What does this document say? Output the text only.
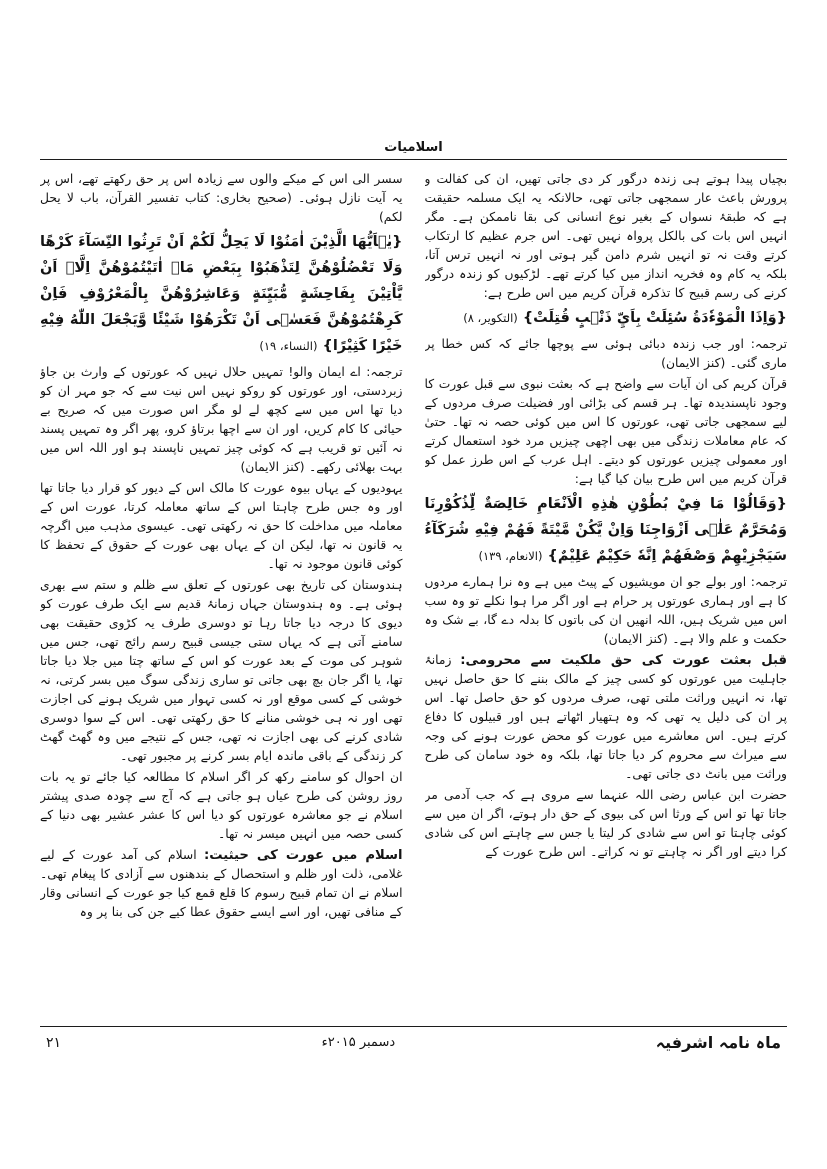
اسلامیات

بچیاں پیدا ہوتے ہی زندہ درگور کر دی جاتی تھیں، ان کی کفالت و پرورش باعث عار سمجھی جاتی تھی، حالانکہ یہ ایک مسلمہ حقیقت ہے کہ طبقۂ نسواں کے بغیر نوع انسانی کی بقا ناممکن ہے۔ مگر انہیں اس بات کی بالکل پرواہ نہیں تھی۔ اس جرم عظیم کا ارتکاب کرتے وقت نہ تو انہیں شرم دامن گیر ہوتی اور نہ انہیں ترس آتا، بلکہ یہ کام وہ فخریہ انداز میں کیا کرتے تھے۔ لڑکیوں کو زندہ درگور کرنے کی رسم قبیح کا تذکرہ قرآن کریم میں اس طرح ہے:

{وَاِذَا الْمَوْءٗدَةُ سُئِلَتْ بِاَيِّ ذَنْۢبٍ قُتِلَتْ} (التکویر، ۸)

ترجمہ: اور جب زندہ دبائی ہوئی سے پوچھا جائے کہ کس خطا پر ماری گئی۔ (کنز الایمان)

قرآن کریم کی ان آیات سے واضح ہے کہ بعثت نبوی سے قبل عورت کا وجود ناپسندیدہ تھا۔ ہر قسم کی بڑائی اور فضیلت صرف مردوں کے لیے سمجھی جاتی تھی، عورتوں کا اس میں کوئی حصہ نہ تھا۔ حتیٰ کہ عام معاملات زندگی میں بھی اچھی چیزیں مرد خود استعمال کرتے اور معمولی چیزیں عورتوں کو دیتے۔ اہل عرب کے اس طرز عمل کو قرآن کریم میں اس طرح بیان کیا گیا ہے:

{وَقَالُوْا مَا فِيْ بُطُوْنِ هٰذِهِ الْاَنْعَامِ خَالِصَةٌ لِّذُكُوْرِنَا وَمُحَرَّمٌ عَلٰۤى اَزْوَاجِنَا وَاِنْ يَّكُنْ مَّيْتَةً فَهُمْ فِيْهِ شُرَكَآءُ سَيَجْزِيْهِمْ وَصْفَهُمْ اِنَّهٗ حَكِيْمٌ عَلِيْمٌ} (الانعام، ۱۳۹)

ترجمہ: اور بولے جو ان مویشیوں کے پیٹ میں ہے وہ نرا ہمارے مردوں کا ہے اور ہماری عورتوں پر حرام ہے اور اگر مرا ہوا نکلے تو وہ سب اس میں شریک ہیں، اللہ انھیں ان کی باتوں کا بدلہ دے گا، بے شک وہ حکمت و علم والا ہے۔ (کنز الایمان)

قبل بعثت عورت کی حق ملکیت سے محرومی: زمانۂ جاہلیت میں عورتوں کو کسی چیز کے مالک بننے کا حق حاصل نہیں تھا، نہ انہیں وراثت ملتی تھی، صرف مردوں کو حق حاصل تھا۔ اس پر ان کی دلیل یہ تھی کہ وہ ہتھیار اٹھاتے ہیں اور قبیلوں کا دفاع کرتے ہیں۔ اس معاشرے میں عورت کو محض عورت ہونے کی وجہ سے میراث سے محروم کر دیا جاتا تھا، بلکہ وہ خود سامان کی طرح وراثت میں بانٹ دی جاتی تھی۔

حضرت ابن عباس رضی اللہ عنہما سے مروی ہے کہ جب آدمی مر جاتا تھا تو اس کے ورثا اس کی بیوی کے حق دار ہوتے، اگر ان میں سے کوئی چاہتا تو اس سے شادی کر لیتا یا جس سے چاہتے اس کی شادی کرا دیتے اور اگر نہ چاہتے تو نہ کراتے۔ اس طرح عورت کے

سسر الی اس کے میکے والوں سے زیادہ اس پر حق رکھتے تھے، اس پر یہ آیت نازل ہوئی۔ (صحیح بخاری: کتاب تفسیر القرآن، باب لا یحل لکم)

{يٰۤاَيُّهَا الَّذِيْنَ اٰمَنُوْا لَا يَحِلُّ لَكُمْ اَنْ تَرِثُوا النِّسَآءَ كَرْهًا وَلَا تَعْضُلُوْهُنَّ لِتَذْهَبُوْا بِبَعْضِ مَاۤ اٰتَيْتُمُوْهُنَّ اِلَّاۤ اَنْ يَّاْتِيْنَ بِفَاحِشَةٍ مُّبَيِّنَةٍ وَعَاشِرُوْهُنَّ بِالْمَعْرُوْفِ فَاِنْ كَرِهْتُمُوْهُنَّ فَعَسٰۤى اَنْ تَكْرَهُوْا شَيْئًا وَّيَجْعَلَ اللّٰهُ فِيْهِ خَيْرًا كَثِيْرًا} (النساء، ۱۹)

ترجمہ: اے ایمان والو! تمہیں حلال نہیں کہ عورتوں کے وارث بن جاؤ زبردستی، اور عورتوں کو روکو نہیں اس نیت سے کہ جو مہر ان کو دیا تھا اس میں سے کچھ لے لو مگر اس صورت میں کہ صریح بے حیائی کا کام کریں، اور ان سے اچھا برتاؤ کرو، پھر اگر وہ تمہیں پسند نہ آئیں تو قریب ہے کہ کوئی چیز تمہیں ناپسند ہو اور اللہ اس میں بہت بھلائی رکھے۔ (کنز الایمان)

یہودیوں کے یہاں بیوہ عورت کا مالک اس کے دیور کو قرار دیا جاتا تھا اور وہ جس طرح چاہتا اس کے ساتھ معاملہ کرتا، عورت اس کے معاملہ میں مداخلت کا حق نہ رکھتی تھی۔ عیسوی مذہب میں اگرچہ یہ قانون نہ تھا، لیکن ان کے یہاں بھی عورت کے حقوق کے تحفظ کا کوئی قانون موجود نہ تھا۔

ہندوستان کی تاریخ بھی عورتوں کے تعلق سے ظلم و ستم سے بھری ہوئی ہے۔ وہ ہندوستان جہاں زمانۂ قدیم سے ایک طرف عورت کو دیوی کا درجہ دیا جاتا رہا تو دوسری طرف یہ کڑوی حقیقت بھی سامنے آتی ہے کہ یہاں ستی جیسی قبیح رسم رائج تھی، جس میں شوہر کی موت کے بعد عورت کو اس کے ساتھ چتا میں جلا دیا جاتا تھا، یا اگر جان بچ بھی جاتی تو ساری زندگی سوگ میں بسر کرتی، نہ خوشی کے کسی موقع اور نہ کسی تہوار میں شریک ہونے کی اجازت تھی اور نہ ہی خوشی منانے کا حق رکھتی تھی۔ اس کے سوا دوسری شادی کرنے کی بھی اجازت نہ تھی، جس کے نتیجے میں وہ گھٹ گھٹ کر زندگی کے باقی ماندہ ایام بسر کرنے پر مجبور تھی۔

ان احوال کو سامنے رکھ کر اگر اسلام کا مطالعہ کیا جائے تو یہ بات روز روشن کی طرح عیاں ہو جاتی ہے کہ آج سے چودہ صدی پیشتر اسلام نے جو معاشرہ عورتوں کو دیا اس کا عشر عشیر بھی دنیا کے کسی حصہ میں انہیں میسر نہ تھا۔

اسلام میں عورت کی حیثیت: اسلام کی آمد عورت کے لیے غلامی، ذلت اور ظلم و استحصال کے بندھنوں سے آزادی کا پیغام تھی۔ اسلام نے ان تمام قبیح رسوم کا قلع قمع کیا جو عورت کے انسانی وقار کے منافی تھیں، اور اسے ایسے حقوق عطا کیے جن کی بنا پر وہ

ماہ نامہ اشرفیہ
دسمبر ۲۰۱۵ء
۲۱
